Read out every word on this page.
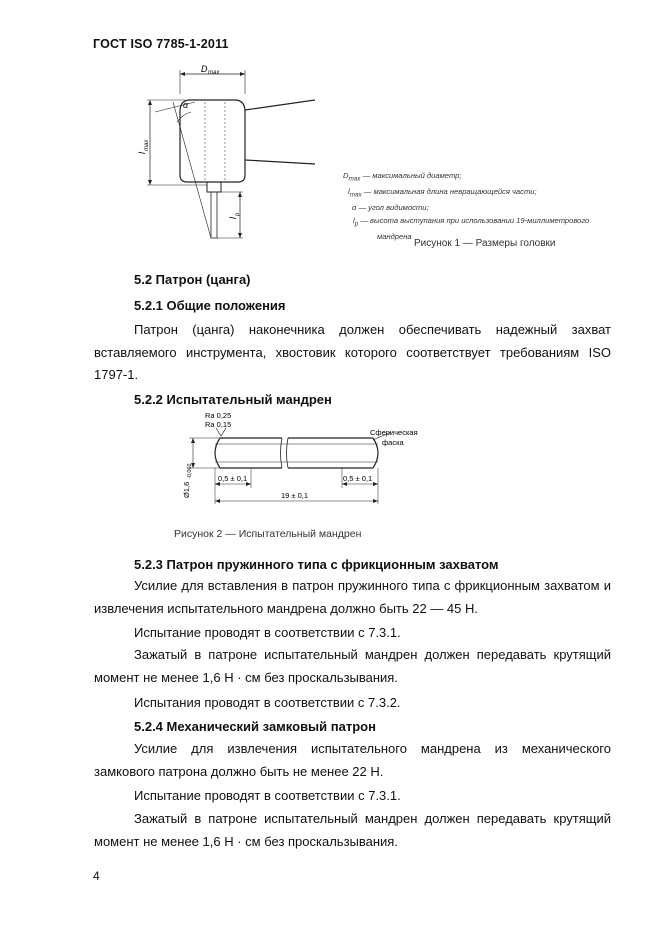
ГОСТ ISO 7785-1-2011
D max
α
l
max
l
p
$D_{max}$ — максимальный диаметр;
$l_{max}$ — максимальная длина невращающейся части;
α — угол видимости;
$l_p$ — высота выступания при использовании 19-миллиметрового
мандрена
Рисунок 1 — Размеры головки
5.2 Патрон (цанга)
5.2.1 Общие положения
Патрон (цанга) наконечника должен обеспечивать надежный захват вставляемого инструмента, хвостовик которого соответствует требованиям ISO 1797-1.
5.2.2 Испытательный мандрен
Ra 0,25
Ra 0,15
Сферическая
фаска
Ø1,6
-0,002	0,5 ± 0,1	0,5 ± 0,1
19 ± 0,1
Рисунок 2 — Испытательный мандрен
5.2.3 Патрон пружинного типа с фрикционным захватом
Усилие для вставления в патрон пружинного типа с фрикционным захватом и извлечения испытательного мандрена должно быть 22 — 45 Н.
Испытание проводят в соответствии с 7.3.1.
Зажатый в патроне испытательный мандрен должен передавать крутящий момент не менее 1,6 Н · см без проскальзывания.
Испытания проводят в соответствии с 7.3.2.
5.2.4 Механический замковый патрон
Усилие для извлечения испытательного мандрена из механического замкового патрона должно быть не менее 22 Н.
Испытание проводят в соответствии с 7.3.1.
Зажатый в патроне испытательный мандрен должен передавать крутящий момент не менее 1,6 Н · см без проскальзывания.
4
